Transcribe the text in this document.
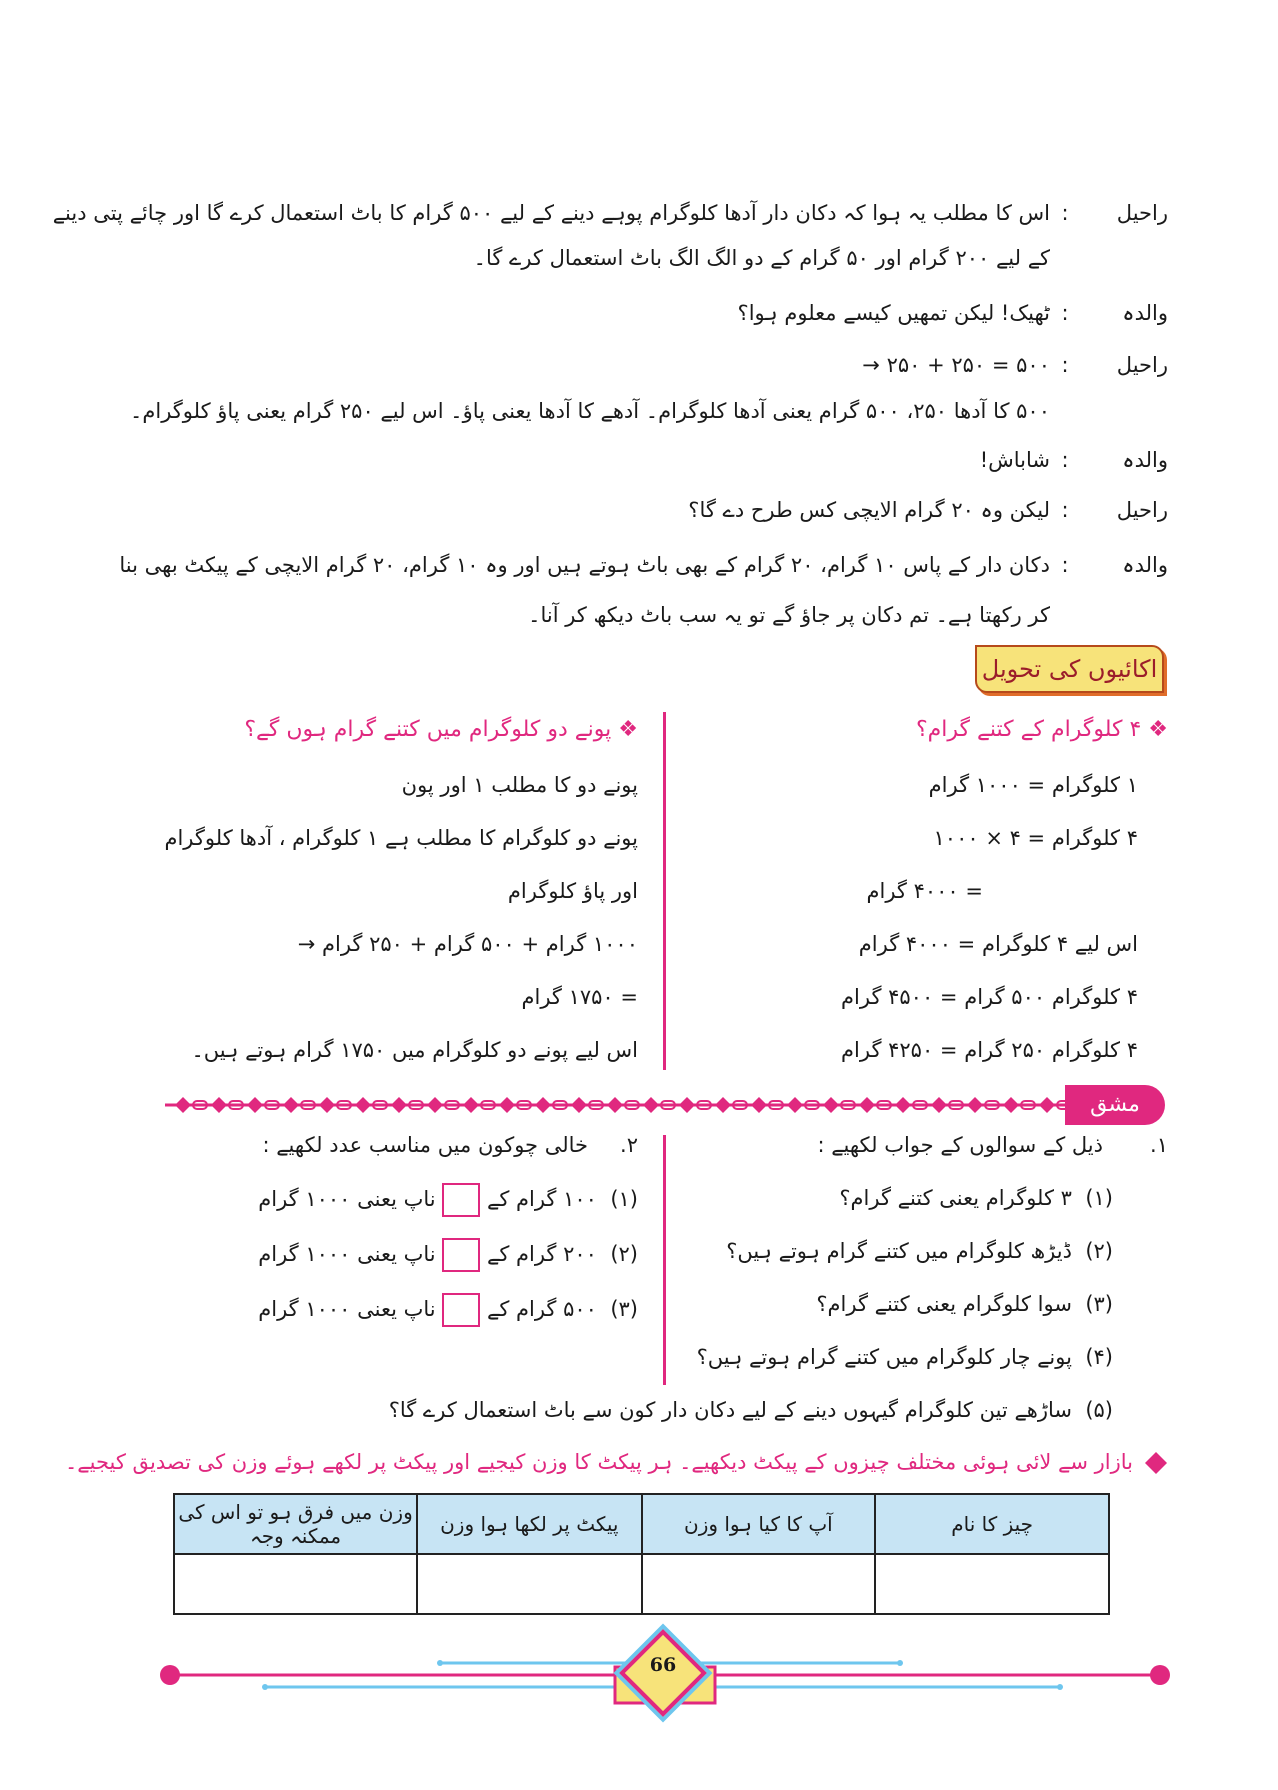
راحیل:اس کا مطلب یہ ہوا کہ دکان دار آدھا کلوگرام پوہے دینے کے لیے ۵۰۰ گرام کا باٹ استعمال کرے گا اور چائے پتی دینے
کے لیے ۲۰۰ گرام اور ۵۰ گرام کے دو الگ الگ باٹ استعمال کرے گا۔
والدہ:ٹھیک! لیکن تمھیں کیسے معلوم ہوا؟
راحیل:۵۰۰ = ۲۵۰ + ۲۵۰ →
۵۰۰ کا آدھا ۲۵۰، ۵۰۰ گرام یعنی آدھا کلوگرام۔ آدھے کا آدھا یعنی پاؤ۔ اس لیے ۲۵۰ گرام یعنی پاؤ کلوگرام۔
والدہ:شاباش!
راحیل:لیکن وہ ۲۰ گرام الایچی کس طرح دے گا؟
والدہ:دکان دار کے پاس ۱۰ گرام، ۲۰ گرام کے بھی باٹ ہوتے ہیں اور وہ ۱۰ گرام، ۲۰ گرام الایچی کے پیکٹ بھی بنا
کر رکھتا ہے۔ تم دکان پر جاؤ گے تو یہ سب باٹ دیکھ کر آنا۔
اکائیوں کی تحویل
❖ ۴ کلوگرام کے کتنے گرام؟
۱ کلوگرام = ۱۰۰۰ گرام
۴ کلوگرام = ۴ × ۱۰۰۰
= ۴۰۰۰ گرام
اس لیے ۴ کلوگرام = ۴۰۰۰ گرام
۴ کلوگرام ۵۰۰ گرام = ۴۵۰۰ گرام
۴ کلوگرام ۲۵۰ گرام = ۴۲۵۰ گرام
❖ پونے دو کلوگرام میں کتنے گرام ہوں گے؟
پونے دو کا مطلب ۱ اور پون
پونے دو کلوگرام کا مطلب ہے ۱ کلوگرام ، آدھا کلوگرام
اور پاؤ کلوگرام
۱۰۰۰ گرام + ۵۰۰ گرام + ۲۵۰ گرام →
= ۱۷۵۰ گرام
اس لیے پونے دو کلوگرام میں ۱۷۵۰ گرام ہوتے ہیں۔
مشق
۱.
ذیل کے سوالوں کے جواب لکھیے :
(۱)  ۳ کلوگرام یعنی کتنے گرام؟
(۲)  ڈیڑھ کلوگرام میں کتنے گرام ہوتے ہیں؟
(۳)  سوا کلوگرام یعنی کتنے گرام؟
(۴)  پونے چار کلوگرام میں کتنے گرام ہوتے ہیں؟
(۵)  ساڑھے تین کلوگرام گیہوں دینے کے لیے دکان دار کون سے باٹ استعمال کرے گا؟
۲.
خالی چوکون میں مناسب عدد لکھیے :
(۱)  ۱۰۰ گرام کے  ناپ یعنی ۱۰۰۰ گرام
(۲)  ۲۰۰ گرام کے  ناپ یعنی ۱۰۰۰ گرام
(۳)  ۵۰۰ گرام کے  ناپ یعنی ۱۰۰۰ گرام
بازار سے لائی ہوئی مختلف چیزوں کے پیکٹ دیکھیے۔ ہر پیکٹ کا وزن کیجیے اور پیکٹ پر لکھے ہوئے وزن کی تصدیق کیجیے۔
چیز کا نام	آپ کا کیا ہوا وزن	پیکٹ پر لکھا ہوا وزن	وزن میں فرق ہو تو اس کی ممکنہ وجہ

66
